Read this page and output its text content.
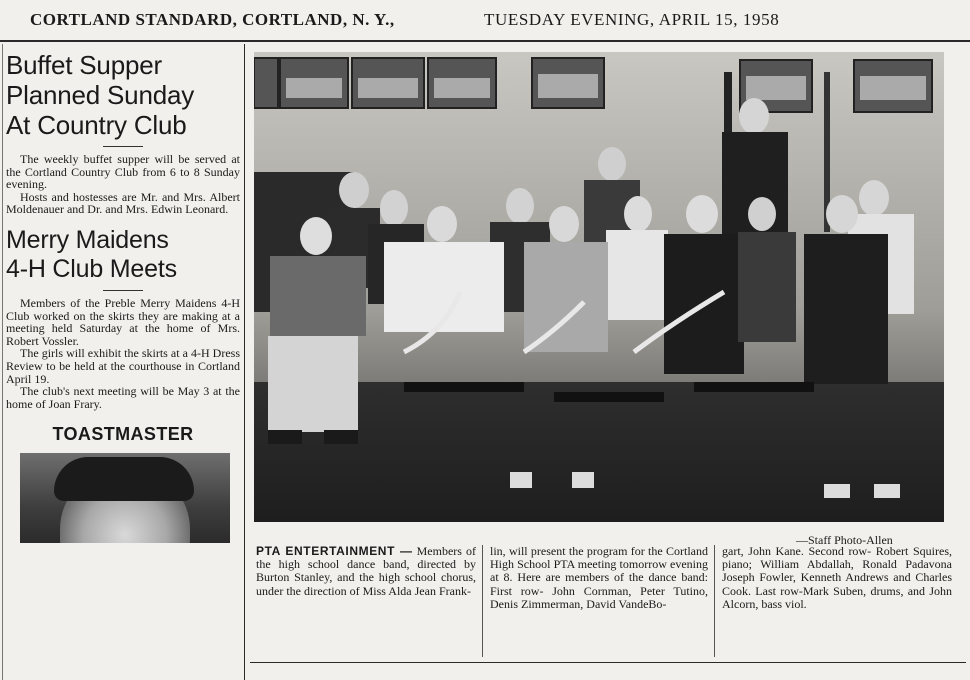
CORTLAND STANDARD, CORTLAND, N. Y.,	TUESDAY EVENING, APRIL 15, 1958
Buffet Supper
Planned Sunday
At Country Club

The weekly buffet supper will be served at the Cortland Country Club from 6 to 8 Sunday evening.

Hosts and hostesses are Mr. and Mrs. Albert Moldenauer and Dr. and Mrs. Edwin Leonard.

Merry Maidens
4-H Club Meets

Members of the Preble Merry Maidens 4-H Club worked on the skirts they are making at a meeting held Saturday at the home of Mrs. Robert Vossler.

The girls will exhibit the skirts at a 4-H Dress Review to be held at the courthouse in Cortland April 19.

The club's next meeting will be May 3 at the home of Joan Frary.

TOASTMASTER
—Staff Photo-Allen
PTA ENTERTAINMENT — Members of the high school dance band, directed by Burton Stanley, and the high school chorus, under the direction of Miss Alda Jean Frank-
lin, will present the program for the Cortland High School PTA meeting tomorrow evening at 8. Here are members of the dance band: First row- John Cornman, Peter Tutino, Denis Zimmerman, David VandeBo-
gart, John Kane. Second row- Robert Squires, piano; William Abdallah, Ronald Padavona Joseph Fowler, Kenneth Andrews and Charles Cook. Last row-Mark Suben, drums, and John Alcorn, bass viol.
